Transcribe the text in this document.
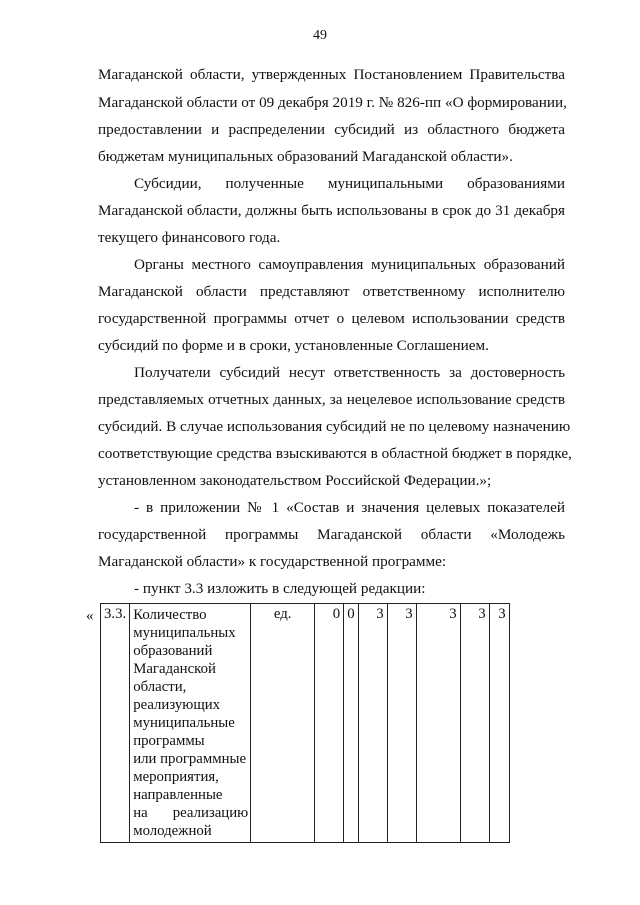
49
Магаданской области, утвержденных Постановлением Правительства
Магаданской области от 09 декабря 2019 г. № 826-пп «О формировании,
предоставлении и распределении субсидий из областного бюджета
бюджетам муниципальных образований Магаданской области».
Субсидии, полученные муниципальными образованиями
Магаданской области, должны быть использованы в срок до 31 декабря
текущего финансового года.
Органы местного самоуправления муниципальных образований
Магаданской области представляют ответственному исполнителю
государственной программы отчет о целевом использовании средств
субсидий по форме и в сроки, установленные Соглашением.
Получатели субсидий несут ответственность за достоверность
представляемых отчетных данных, за нецелевое использование средств
субсидий. В случае использования субсидий не по целевому назначению
соответствующие средства взыскиваются в областной бюджет в порядке,
установленном законодательством Российской Федерации.»;
- в приложении № 1 «Состав и значения целевых показателей
государственной программы Магаданской области «Молодежь
Магаданской области» к государственной программе:
- пункт 3.3 изложить в следующей редакции:
« 3.3.	Количество
муниципальных
образований
Магаданской
области,
реализующих
муниципальные
программы
или программные
мероприятия,
направленные
на реализацию
молодежной
	ед.	0	0	3	3	3	3	3
